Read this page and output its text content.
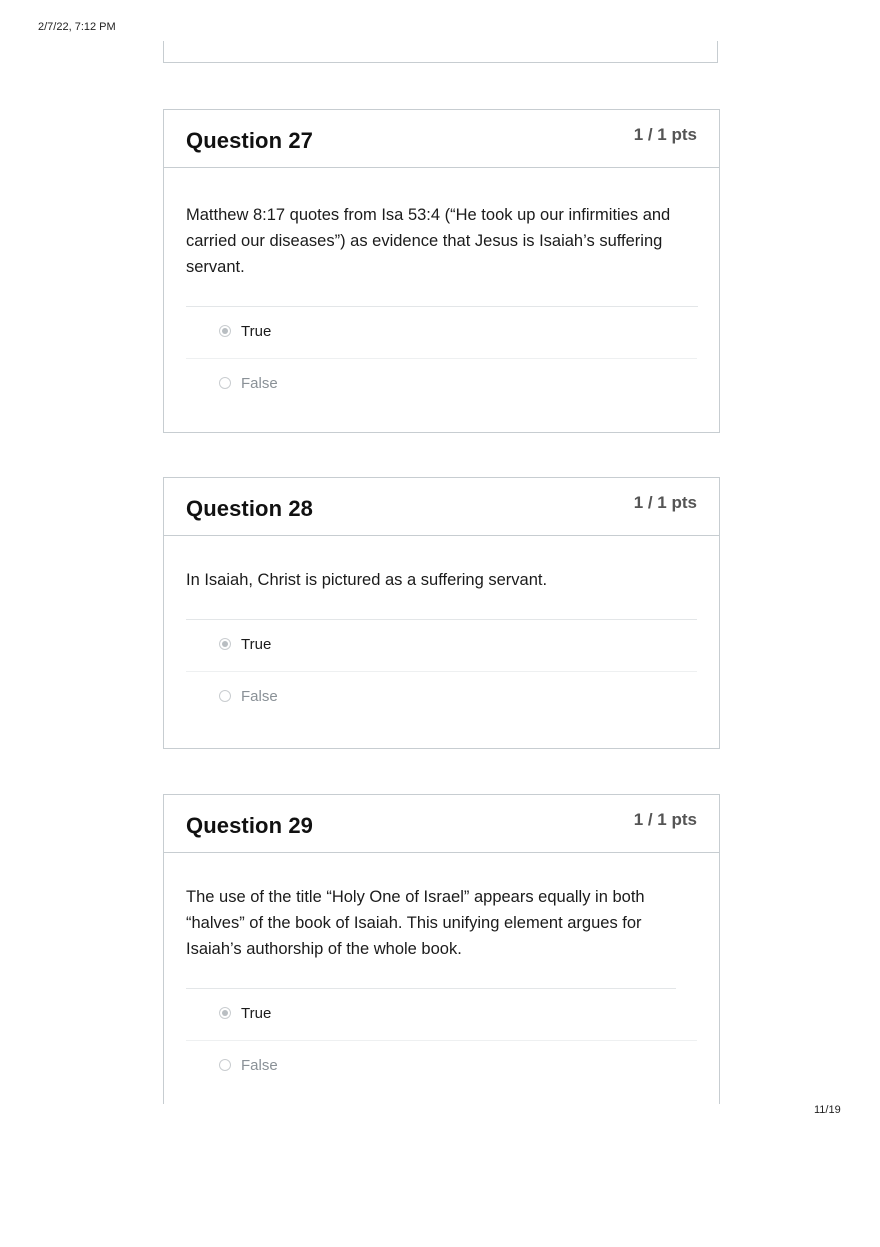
2/7/22, 7:12 PM
Question 27	1 / 1 pts

Matthew 8:17 quotes from Isa 53:4 (“He took up our infirmities and carried our diseases”) as evidence that Jesus is Isaiah’s suffering servant.

True
False
Question 28	1 / 1 pts

In Isaiah, Christ is pictured as a suffering servant.

True
False
Question 29	1 / 1 pts

The use of the title “Holy One of Israel” appears equally in both “halves” of the book of Isaiah. This unifying element argues for Isaiah’s authorship of the whole book.

True
False
11/19
